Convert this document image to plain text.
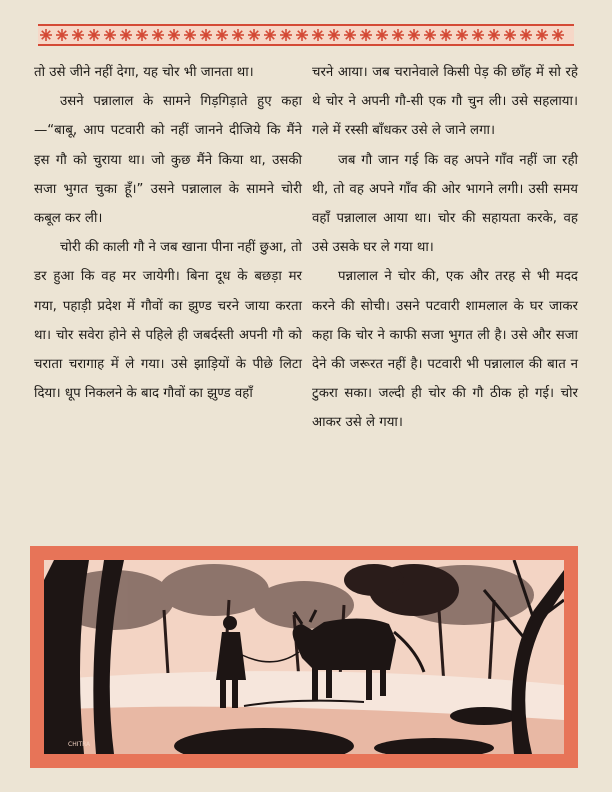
तो उसे जीने नहीं देगा, यह चोर भी जानता था।

उसने पन्नालाल के सामने गिड़गिड़ाते हुए कहा—“बाबू, आप पटवारी को नहीं जानने दीजिये कि मैंने इस गौ को चुराया था। जो कुछ मैंने किया था, उसकी सजा भुगत चुका हूँ।” उसने पन्नालाल के सामने चोरी कबूल कर ली।

चोरी की काली गौ ने जब खाना पीना नहीं छुआ, तो डर हुआ कि वह मर जायेगी। बिना दूध के बछड़ा मर गया, पहाड़ी प्रदेश में गौवों का झुण्ड चरने जाया करता था। चोर सवेरा होने से पहिले ही जबर्दस्ती अपनी गौ को चराता चरागाह में ले गया। उसे झाड़ियों के पीछे लिटा दिया। धूप निकलने के बाद गौवों का झुण्ड वहाँ

चरने आया। जब चरानेवाले किसी पेड़ की छाँह में सो रहे थे चोर ने अपनी गौ-सी एक गौ चुन ली। उसे सहलाया। गले में रस्सी बाँधकर उसे ले जाने लगा।

जब गौ जान गई कि वह अपने गाँव नहीं जा रही थी, तो वह अपने गाँव की ओर भागने लगी। उसी समय वहाँ पन्नालाल आया था। चोर की सहायता करके, वह उसे उसके घर ले गया था।

पन्नालाल ने चोर की, एक और तरह से भी मदद करने की सोची। उसने पटवारी शामलाल के घर जाकर कहा कि चोर ने काफी सजा भुगत ली है। उसे और सजा देने की जरूरत नहीं है। पटवारी भी पन्नालाल की बात न टुकरा सका। जल्दी ही चोर की गौ ठीक हो गई। चोर आकर उसे ले गया।

CHITRA
